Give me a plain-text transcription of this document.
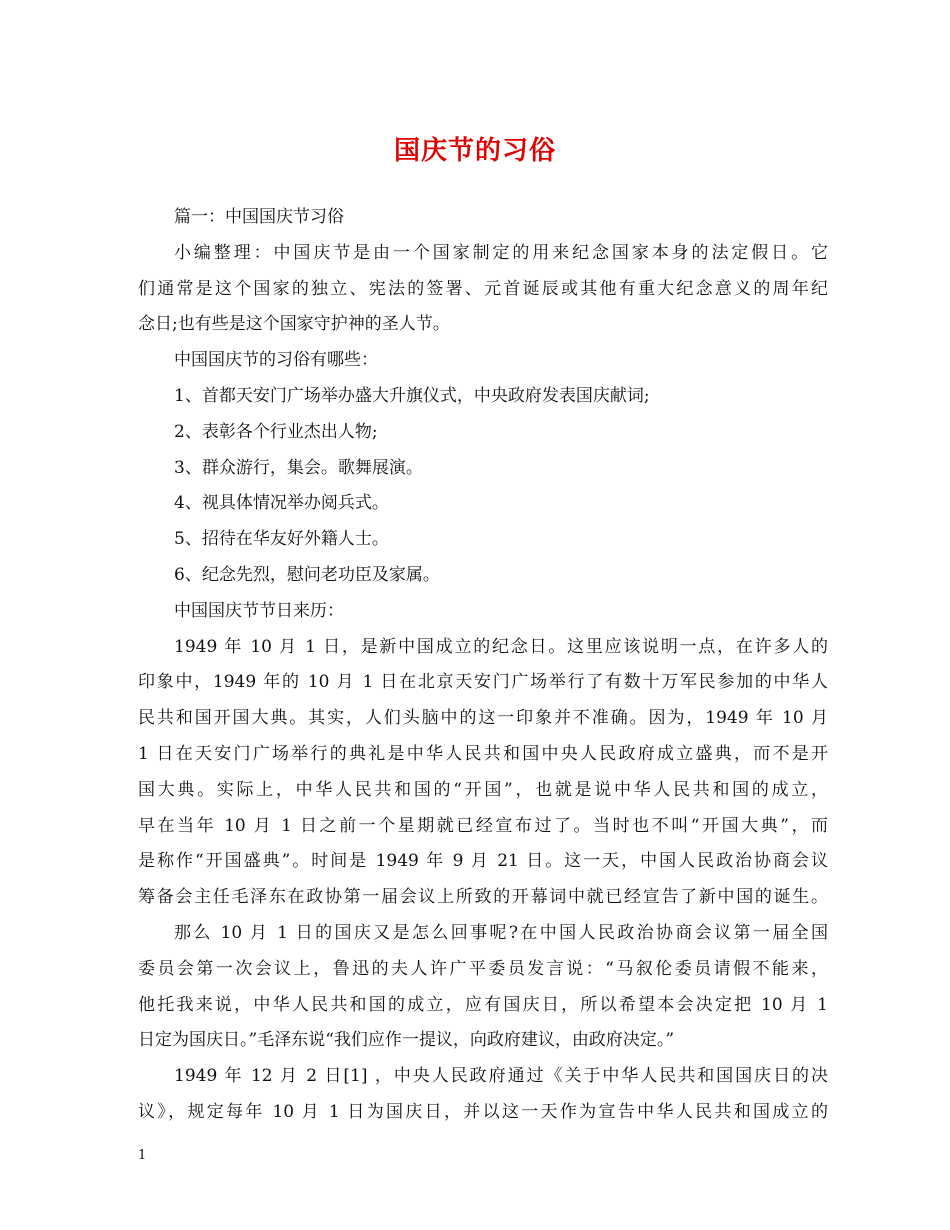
国庆节的习俗
篇一：中国国庆节习俗
小编整理：中国庆节是由一个国家制定的用来纪念国家本身的法定假日。它
们通常是这个国家的独立、宪法的签署、元首诞辰或其他有重大纪念意义的周年纪
念日;也有些是这个国家守护神的圣人节。
中国国庆节的习俗有哪些：
1、首都天安门广场举办盛大升旗仪式，中央政府发表国庆献词;
2、表彰各个行业杰出人物;
3、群众游行，集会。歌舞展演。
4、视具体情况举办阅兵式。
5、招待在华友好外籍人士。
6、纪念先烈，慰问老功臣及家属。
中国国庆节节日来历：
1949 年 10 月 1 日，是新中国成立的纪念日。这里应该说明一点，在许多人的
印象中，1949 年的 10 月 1 日在北京天安门广场举行了有数十万军民参加的中华人
民共和国开国大典。其实，人们头脑中的这一印象并不准确。因为，1949 年 10 月
1 日在天安门广场举行的典礼是中华人民共和国中央人民政府成立盛典，而不是开
国大典。实际上，中华人民共和国的“开国”，也就是说中华人民共和国的成立，
早在当年 10 月 1 日之前一个星期就已经宣布过了。当时也不叫“开国大典”，而
是称作“开国盛典”。时间是 1949 年 9 月 21 日。这一天，中国人民政治协商会议
筹备会主任毛泽东在政协第一届会议上所致的开幕词中就已经宣告了新中国的诞生。
那么 10 月 1 日的国庆又是怎么回事呢?在中国人民政治协商会议第一届全国
委员会第一次会议上，鲁迅的夫人许广平委员发言说：“马叙伦委员请假不能来，
他托我来说，中华人民共和国的成立，应有国庆日，所以希望本会决定把 10 月 1
日定为国庆日。”毛泽东说“我们应作一提议，向政府建议，由政府决定。”
1949 年 12 月 2 日[1] ，中央人民政府通过《关于中华人民共和国国庆日的决
议》，规定每年 10 月 1 日为国庆日，并以这一天作为宣告中华人民共和国成立的
1
